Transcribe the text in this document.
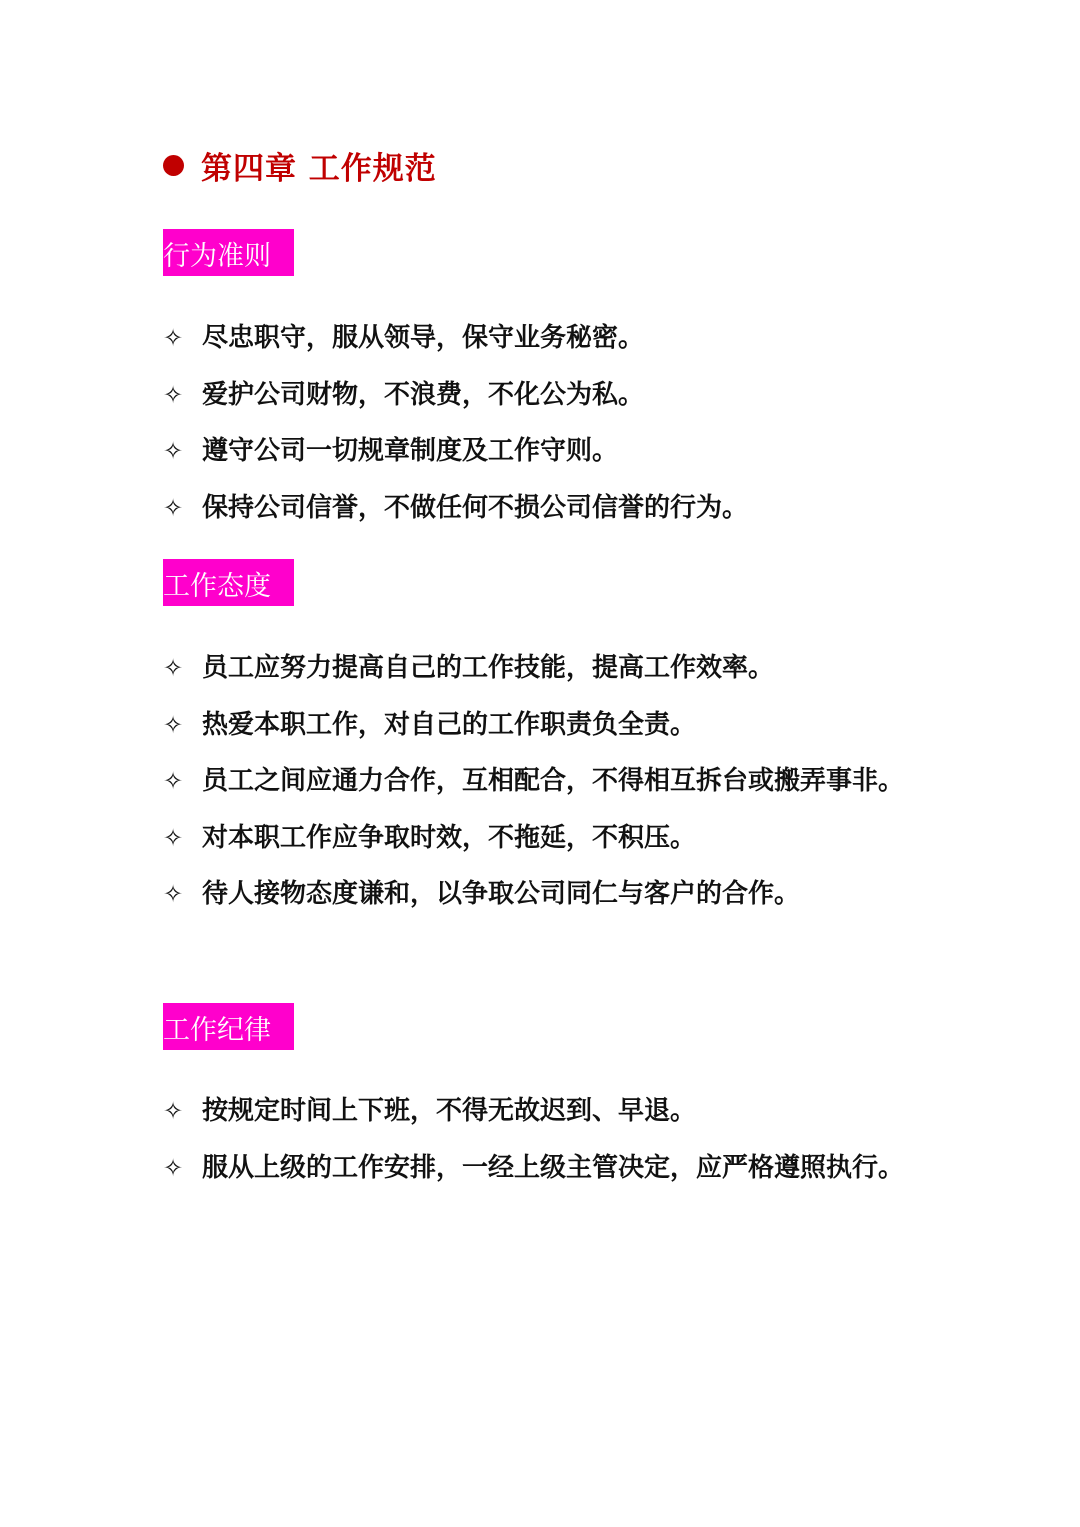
第四章 工作规范
行为准则
✧ 尽忠职守，服从领导，保守业务秘密。
✧ 爱护公司财物，不浪费，不化公为私。
✧ 遵守公司一切规章制度及工作守则。
✧ 保持公司信誉，不做任何不损公司信誉的行为。
工作态度
✧ 员工应努力提高自己的工作技能，提高工作效率。
✧ 热爱本职工作，对自己的工作职责负全责。
✧ 员工之间应通力合作，互相配合，不得相互拆台或搬弄事非。
✧ 对本职工作应争取时效，不拖延，不积压。
✧ 待人接物态度谦和，以争取公司同仁与客户的合作。
工作纪律
✧ 按规定时间上下班，不得无故迟到、早退。
✧ 服从上级的工作安排，一经上级主管决定，应严格遵照执行。
